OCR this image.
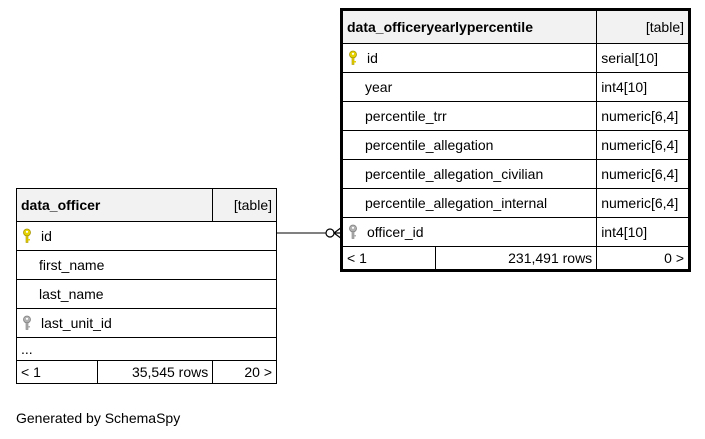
data_officeryearlypercentile		[table]

id		serial[10]
year		int4[10]
percentile_trr		numeric[6,4]
percentile_allegation		numeric[6,4]
percentile_allegation_civilian		numeric[6,4]
percentile_allegation_internal		numeric[6,4]

officer_id		int4[10]
< 1	231,491 rows	0 >
data_officer		[table]

id		
first_name		
last_name		

last_unit_id		
...		
< 1	35,545 rows	20 >
Generated by SchemaSpy
